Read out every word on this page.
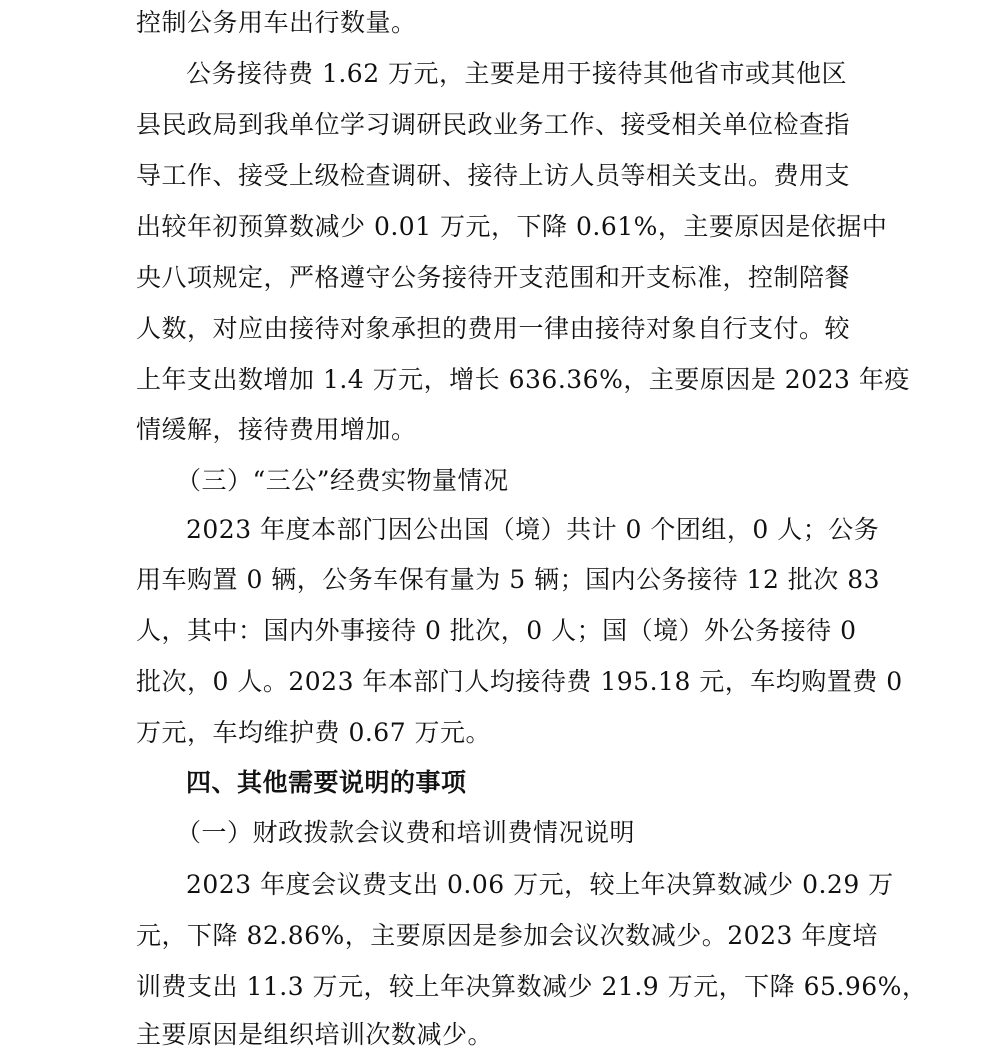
控制公务用车出行数量。
公务接待费 1.62 万元，主要是用于接待其他省市或其他区
县民政局到我单位学习调研民政业务工作、接受相关单位检查指
导工作、接受上级检查调研、接待上访人员等相关支出。费用支
出较年初预算数减少 0.01 万元，下降 0.61%，主要原因是依据中
央八项规定，严格遵守公务接待开支范围和开支标准，控制陪餐
人数，对应由接待对象承担的费用一律由接待对象自行支付。较
上年支出数增加 1.4 万元，增长 636.36%，主要原因是 2023 年疫
情缓解，接待费用增加。
（三）“三公”经费实物量情况
2023 年度本部门因公出国（境）共计 0 个团组，0 人；公务
用车购置 0 辆，公务车保有量为 5 辆；国内公务接待 12 批次 83
人，其中：国内外事接待 0 批次，0 人；国（境）外公务接待 0
批次，0 人。2023 年本部门人均接待费 195.18 元，车均购置费 0
万元，车均维护费 0.67 万元。
四、其他需要说明的事项
（一）财政拨款会议费和培训费情况说明
2023 年度会议费支出 0.06 万元，较上年决算数减少 0.29 万
元，下降 82.86%，主要原因是参加会议次数减少。2023 年度培
训费支出 11.3 万元，较上年决算数减少 21.9 万元，下降 65.96%，
主要原因是组织培训次数减少。
